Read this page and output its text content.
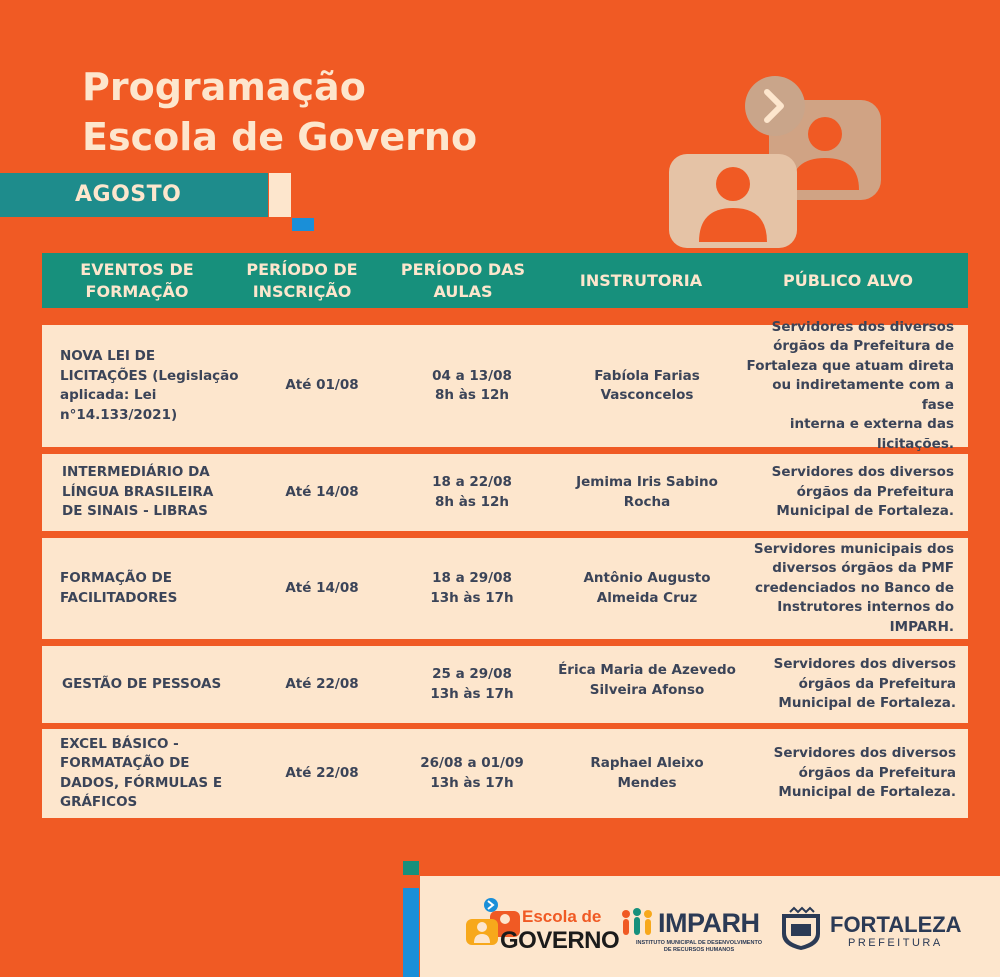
Programação
Escola de Governo
AGOSTO
EVENTOS DE
FORMAÇÃO
PERÍODO DE
INSCRIÇÃO
PERÍODO DAS
AULAS
INSTRUTORIA	PÚBLICO ALVO
NOVA LEI DE
LICITAÇÕES (Legislação
aplicada: Lei n°14.133/2021)
Até 01/08
04 a 13/08
8h às 12h
Fabíola Farias
Vasconcelos
Servidores dos diversos
órgãos da Prefeitura de
Fortaleza que atuam direta
ou indiretamente com a fase
interna e externa das
licitações.
INTERMEDIÁRIO DA
LÍNGUA BRASILEIRA
DE SINAIS - LIBRAS
Até 14/08
18 a 22/08
8h às 12h
Jemima Iris Sabino
Rocha
Servidores dos diversos
órgãos da Prefeitura
Municipal de Fortaleza.
FORMAÇÃO DE
FACILITADORES
Até 14/08
18 a 29/08
13h às 17h
Antônio Augusto
Almeida Cruz
Servidores municipais dos
diversos órgãos da PMF
credenciados no Banco de
Instrutores internos do
IMPARH.
GESTÃO DE PESSOAS	Até 22/08
25 a 29/08
13h às 17h
Érica Maria de Azevedo
Silveira Afonso
Servidores dos diversos
órgãos da Prefeitura
Municipal de Fortaleza.
EXCEL BÁSICO -
FORMATAÇÃO DE
DADOS, FÓRMULAS E
GRÁFICOS
Até 22/08
26/08 a 01/09
13h às 17h
Raphael Aleixo
Mendes
Servidores dos diversos
órgãos da Prefeitura
Municipal de Fortaleza.
Escola de
GOVERNO
IMPARH
INSTITUTO MUNICIPAL DE DESENVOLVIMENTO
DE RECURSOS HUMANOS
FORTALEZA
PREFEITURA
